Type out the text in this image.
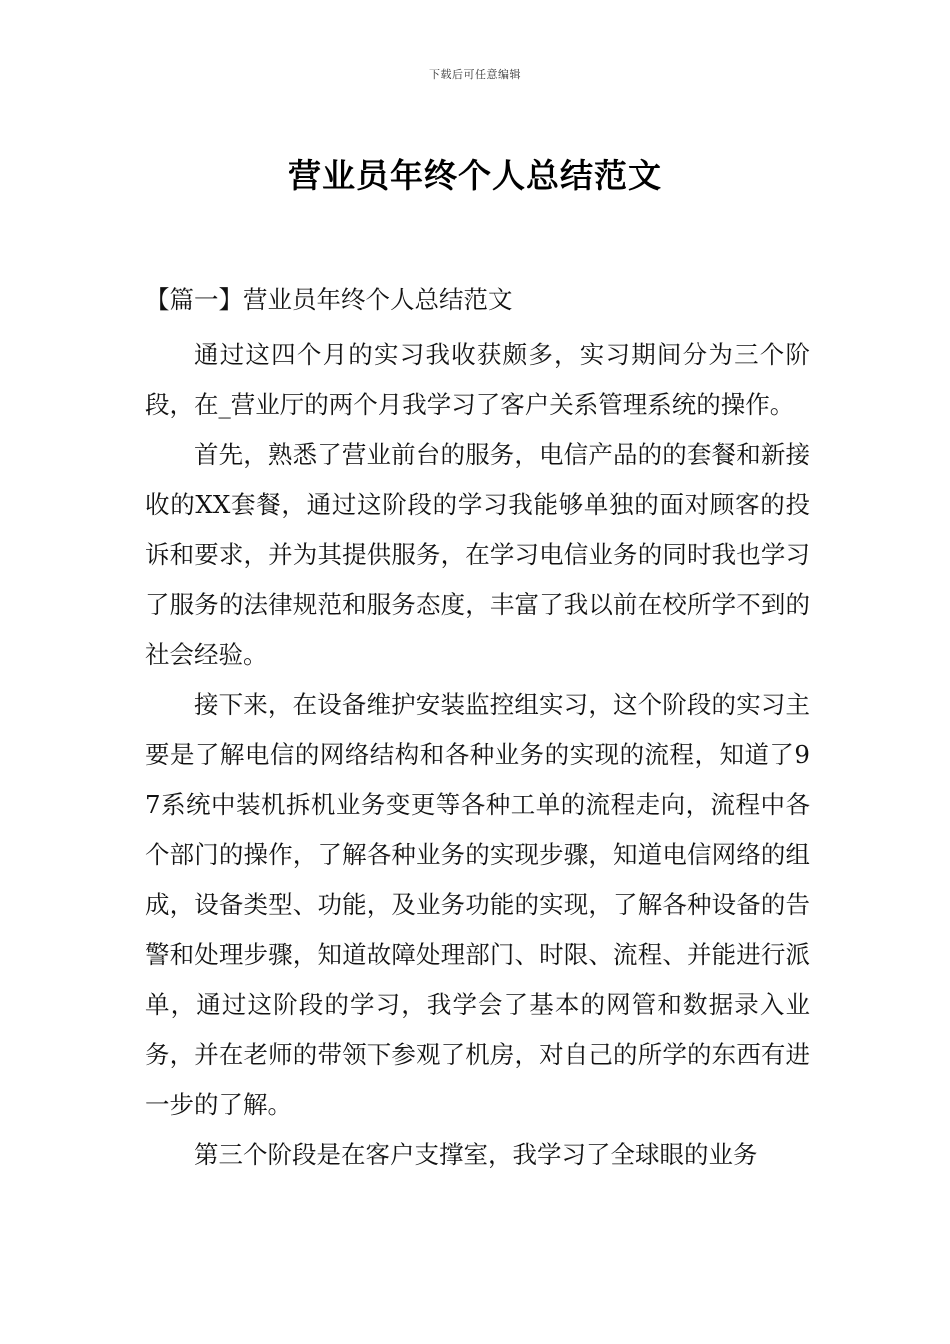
下载后可任意编辑
营业员年终个人总结范文
【篇一】营业员年终个人总结范文

通过这四个月的实习我收获颇多，实习期间分为三个阶段，在_营业厅的两个月我学习了客户关系管理系统的操作。

首先，熟悉了营业前台的服务，电信产品的的套餐和新接收的XX套餐，通过这阶段的学习我能够单独的面对顾客的投诉和要求，并为其提供服务，在学习电信业务的同时我也学习了服务的法律规范和服务态度，丰富了我以前在校所学不到的社会经验。

接下来，在设备维护安装监控组实习，这个阶段的实习主要是了解电信的网络结构和各种业务的实现的流程，知道了97系统中装机拆机业务变更等各种工单的流程走向，流程中各个部门的操作，了解各种业务的实现步骤，知道电信网络的组成，设备类型、功能，及业务功能的实现，了解各种设备的告警和处理步骤，知道故障处理部门、时限、流程、并能进行派单，通过这阶段的学习，我学会了基本的网管和数据录入业务，并在老师的带领下参观了机房，对自己的所学的东西有进一步的了解。

第三个阶段是在客户支撑室，我学习了全球眼的业务
